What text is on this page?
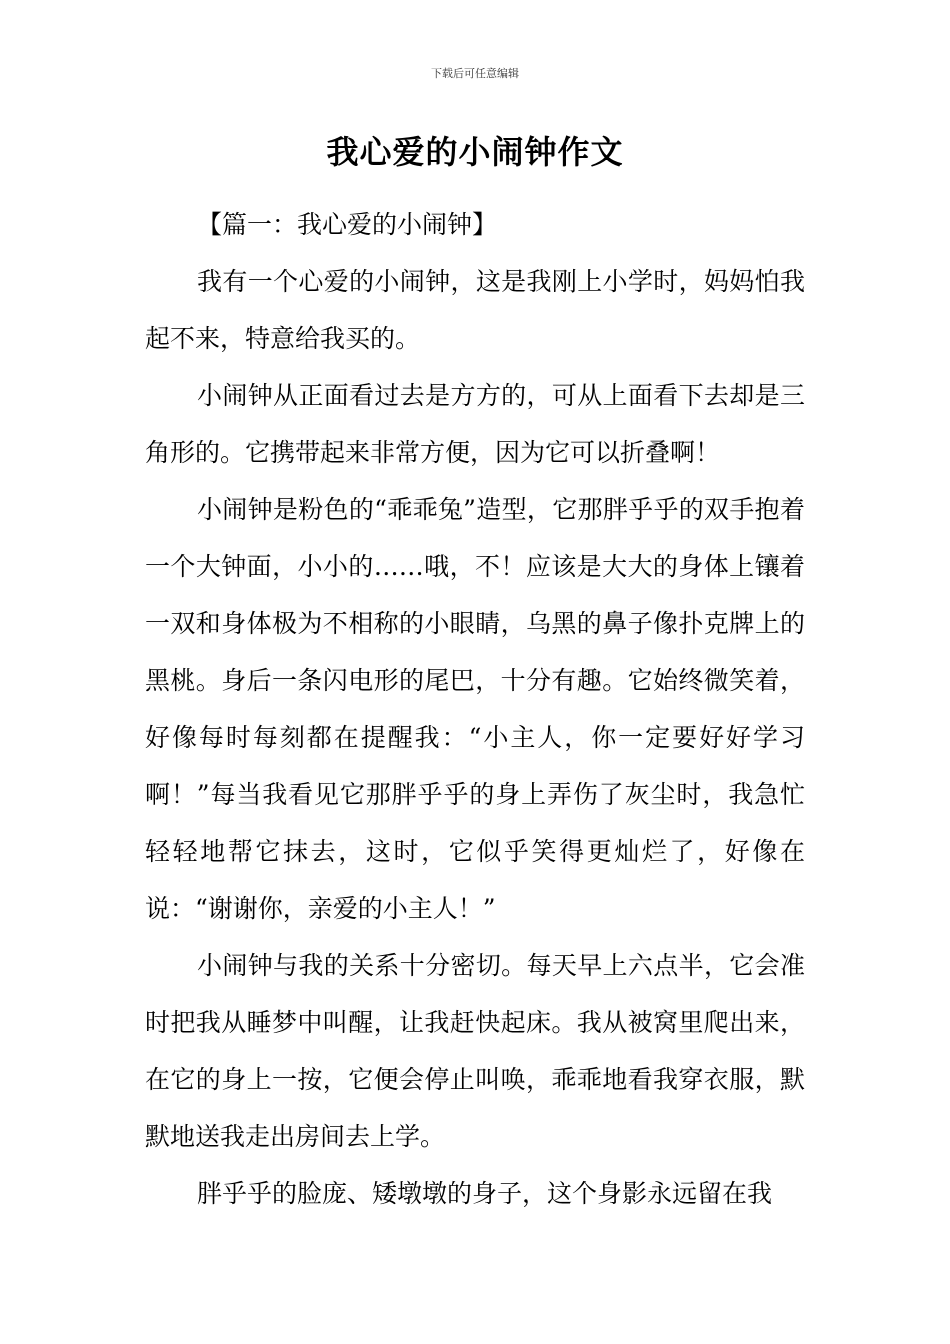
下载后可任意编辑
我心爱的小闹钟作文

【篇一：我心爱的小闹钟】

我有一个心爱的小闹钟，这是我刚上小学时，妈妈怕我起不来，特意给我买的。

小闹钟从正面看过去是方方的，可从上面看下去却是三角形的。它携带起来非常方便，因为它可以折叠啊！

小闹钟是粉色的“乖乖兔”造型，它那胖乎乎的双手抱着一个大钟面，小小的……哦，不！应该是大大的身体上镶着一双和身体极为不相称的小眼睛，乌黑的鼻子像扑克牌上的黑桃。身后一条闪电形的尾巴，十分有趣。它始终微笑着，好像每时每刻都在提醒我：“小主人，你一定要好好学习啊！”每当我看见它那胖乎乎的身上弄伤了灰尘时，我急忙轻轻地帮它抹去，这时，它似乎笑得更灿烂了，好像在说：“谢谢你，亲爱的小主人！”

小闹钟与我的关系十分密切。每天早上六点半，它会准时把我从睡梦中叫醒，让我赶快起床。我从被窝里爬出来，在它的身上一按，它便会停止叫唤，乖乖地看我穿衣服，默默地送我走出房间去上学。

胖乎乎的脸庞、矮墩墩的身子，这个身影永远留在我
